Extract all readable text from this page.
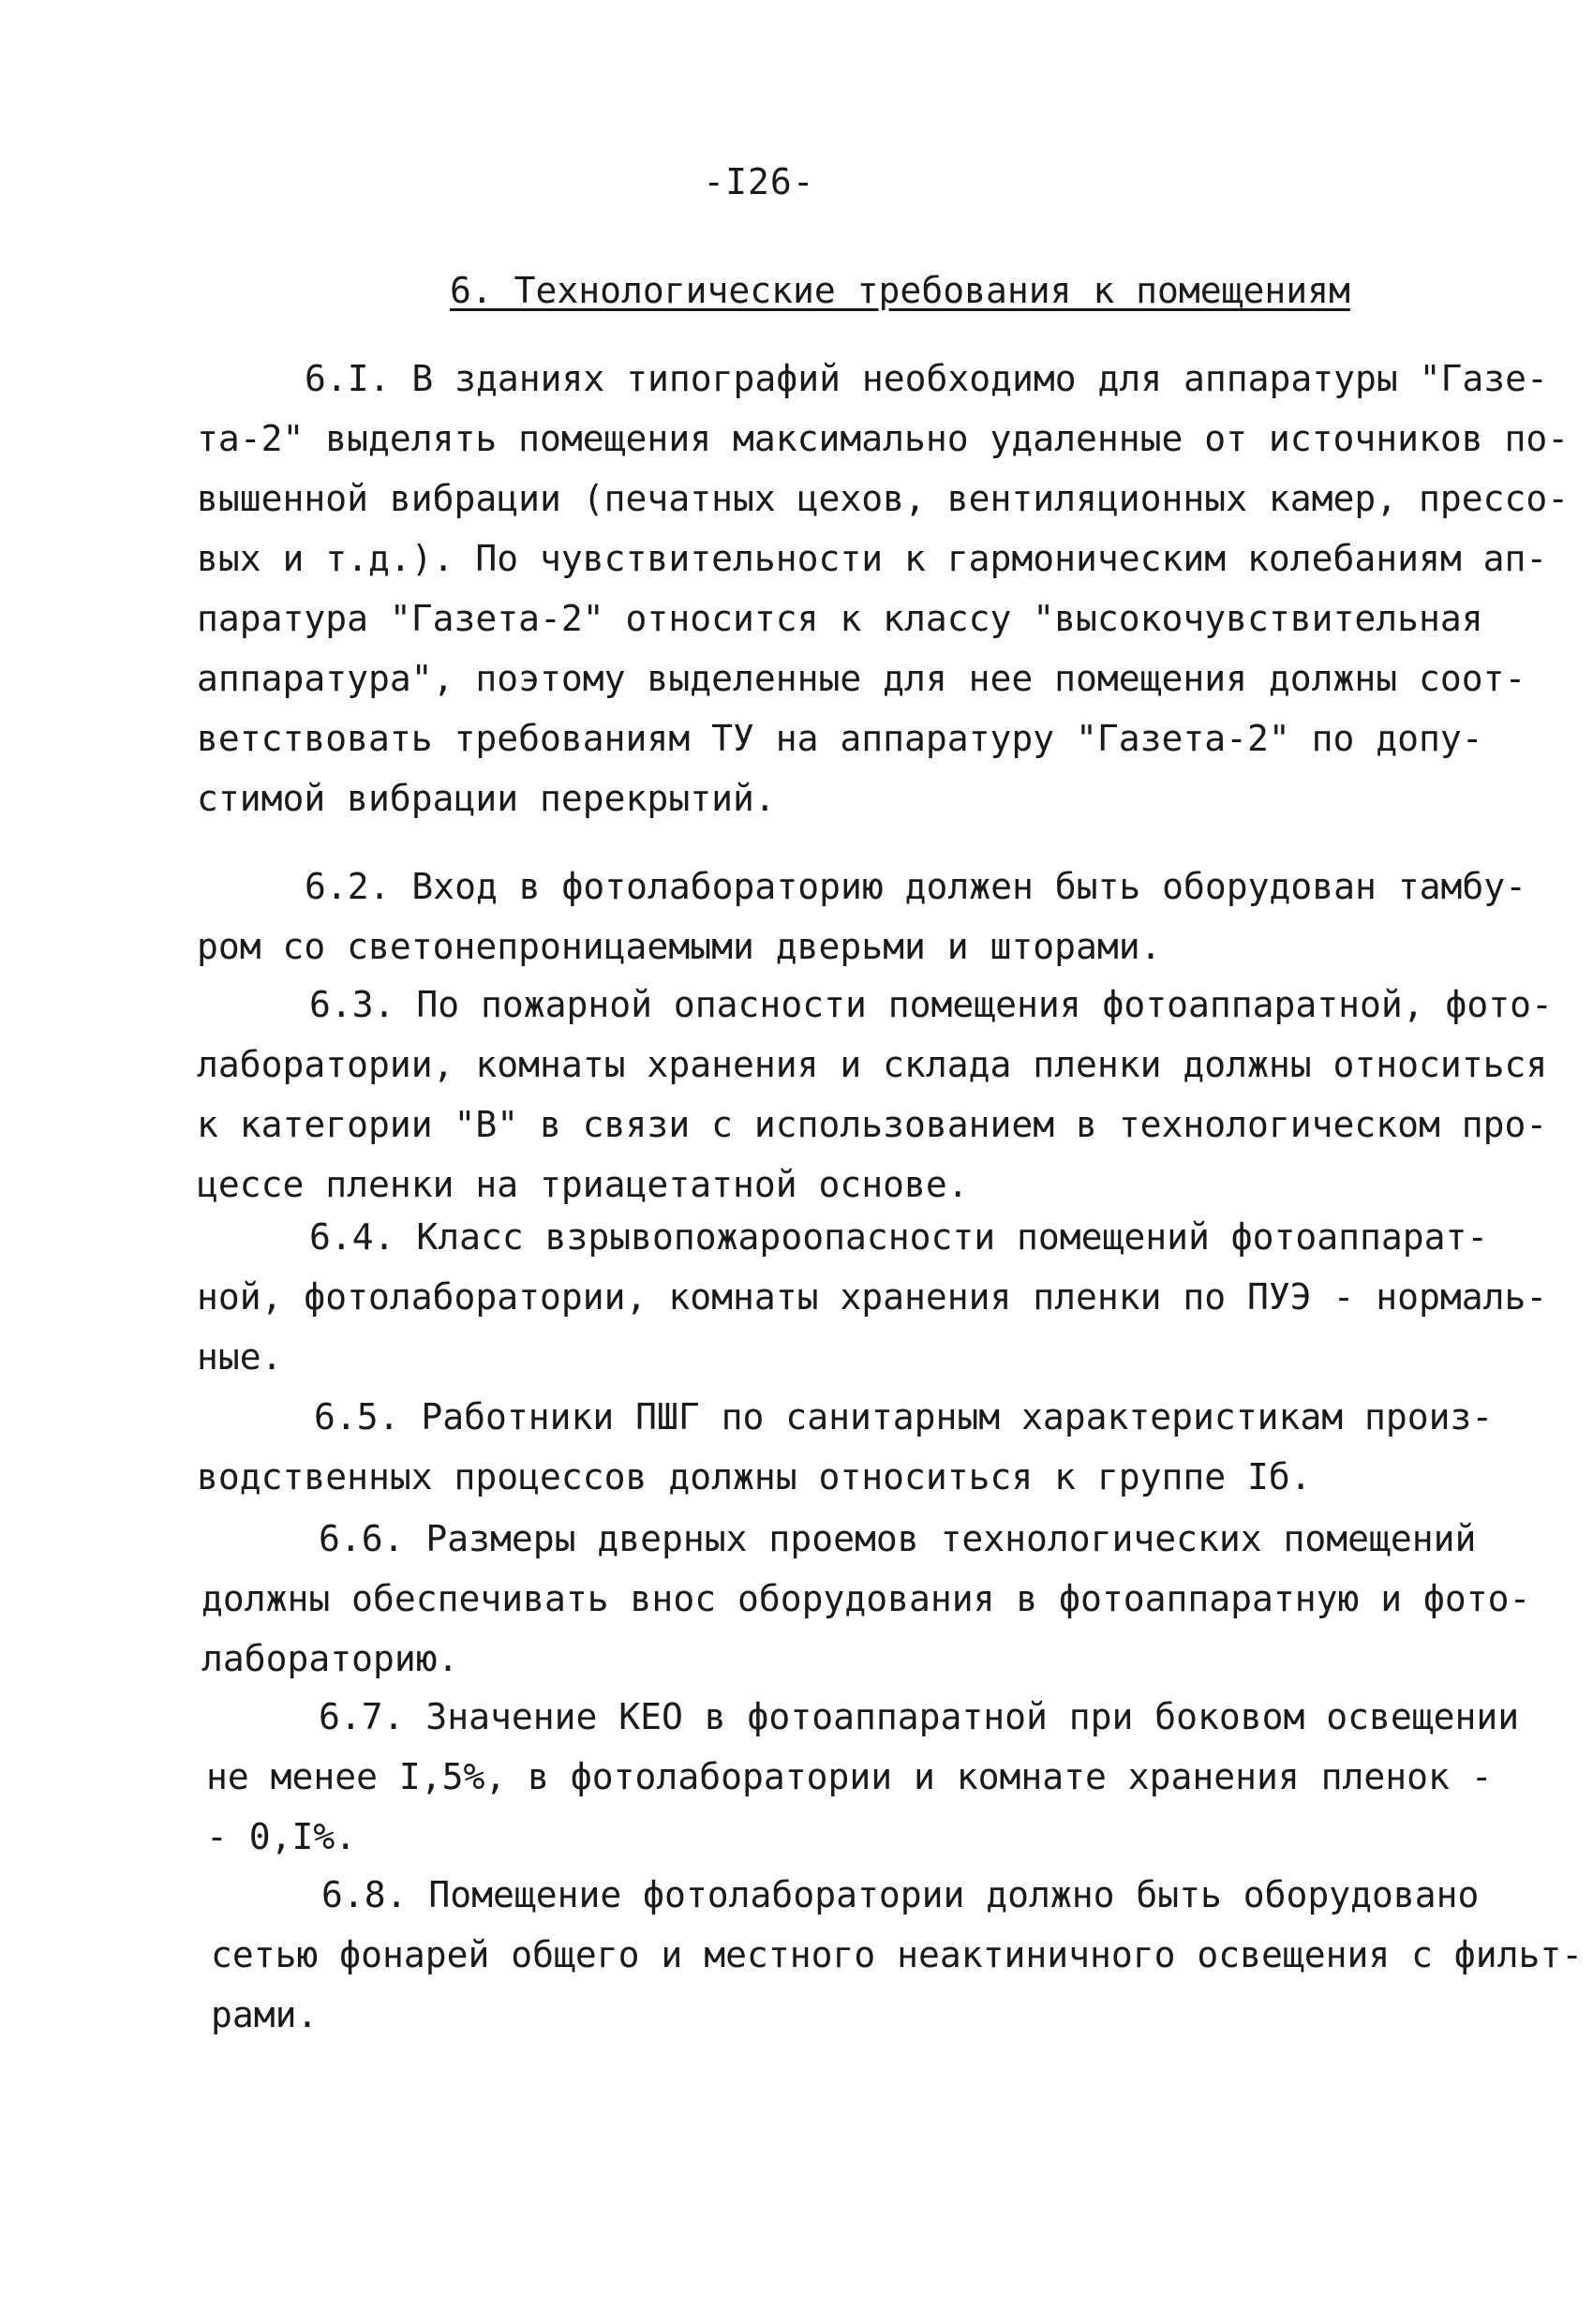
-I26-
6. Технологические требования к помещениям
6.I. В зданиях типографий необходимо для аппаратуры "Газе-
та-2" выделять помещения максимально удаленные от источников по-
вышенной вибрации (печатных цехов, вентиляционных камер, прессо-
вых и т.д.). По чувствительности к гармоническим колебаниям ап-
паратура "Газета-2" относится к классу "высокочувствительная
аппаратура", поэтому выделенные для нее помещения должны соот-
ветствовать требованиям ТУ на аппаратуру "Газета-2" по допу-
стимой вибрации перекрытий.
6.2. Вход в фотолабораторию должен быть оборудован тамбу-
ром со светонепроницаемыми дверьми и шторами.
6.3. По пожарной опасности помещения фотоаппаратной, фото-
лаборатории, комнаты хранения и склада пленки должны относиться
к категории "В" в связи с использованием в технологическом про-
цессе пленки на триацетатной основе.
6.4. Класс взрывопожароопасности помещений фотоаппарат-
ной, фотолаборатории, комнаты хранения пленки по ПУЭ - нормаль-
ные.
6.5. Работники ПШГ по санитарным характеристикам произ-
водственных процессов должны относиться к группе Iб.
6.6. Размеры дверных проемов технологических помещений
должны обеспечивать внос оборудования в фотоаппаратную и фото-
лабораторию.
6.7. Значение КЕО в фотоаппаратной при боковом освещении
не менее I,5%, в фотолаборатории и комнате хранения пленок -
- 0,I%.
6.8. Помещение фотолаборатории должно быть оборудовано
сетью фонарей общего и местного неактиничного освещения с фильт-
рами.
